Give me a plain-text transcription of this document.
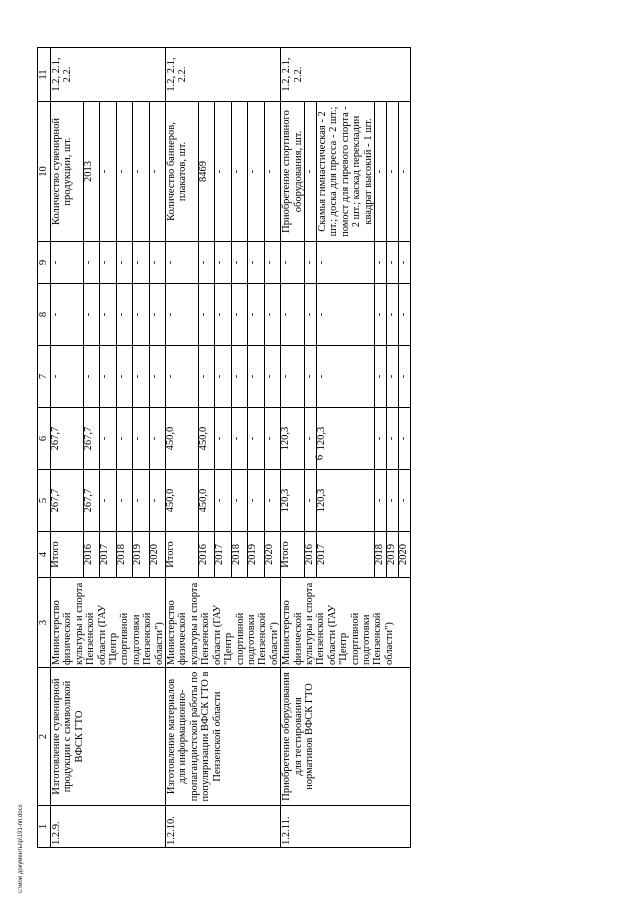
6
1	2	3	4	5	6	7	8	9	10	11
1.2.9.	Изготовление сувенирной продукции с символикой ВФСК ГТО	Министерство физической культуры и спорта Пензенской области (ГАУ "Центр спортивной подготовки Пензенской области")	Итого	267,7	267,7	-	-	-	Количество сувенирной продукции, шт.	1.2, 2.1, 2.2.
			2016	267,7	267,7	-	-	-	2013	
			2017	-	-	-	-	-	-	
			2018	-	-	-	-	-	-	
			2019	-	-	-	-	-	-	
			2020	-	-	-	-	-	-	
1.2.10.	Изготовление материалов для информационно-пропагандистской работы по популяризации ВФСК ГТО в Пензенской области	Министерство физической культуры и спорта Пензенской области (ГАУ "Центр спортивной подготовки Пензенской области")	Итого	450,0	450,0	-	-	-	Количество баннеров, плакатов, шт.	1.2, 2.1, 2.2.
			2016	450,0	450,0	-	-	-	8469	
			2017	-	-	-	-	-	-	
			2018	-	-	-	-	-	-	
			2019	-	-	-	-	-	-	
			2020	-	-	-	-	-	-	
1.2.11.	Приобретение оборудования для тестирования нормативов ВФСК ГТО	Министерство физической культуры и спорта Пензенской области (ГАУ "Центр спортивной подготовки Пензенской области")	Итого	120,3	120,3	-	-	-	Приобретение спортивного оборудования, шт.	1.2, 2.1, 2.2.
			2016	-	-	-	-	-	-	
			2017	120,3	120,3	-	-	-	Скамья гимнастическая - 2 шт.; доска для пресса - 2 шт.; помост для гиревого спорта - 2 шт.; каскад перекладин квадрат высокий - 1 шт.	
			2018	-	-	-	-	-	-	
			2019	-	-	-	-	-	-	
			2020	-	-	-	-	-	-	
с:\мои документы\р\191-пп.docx
